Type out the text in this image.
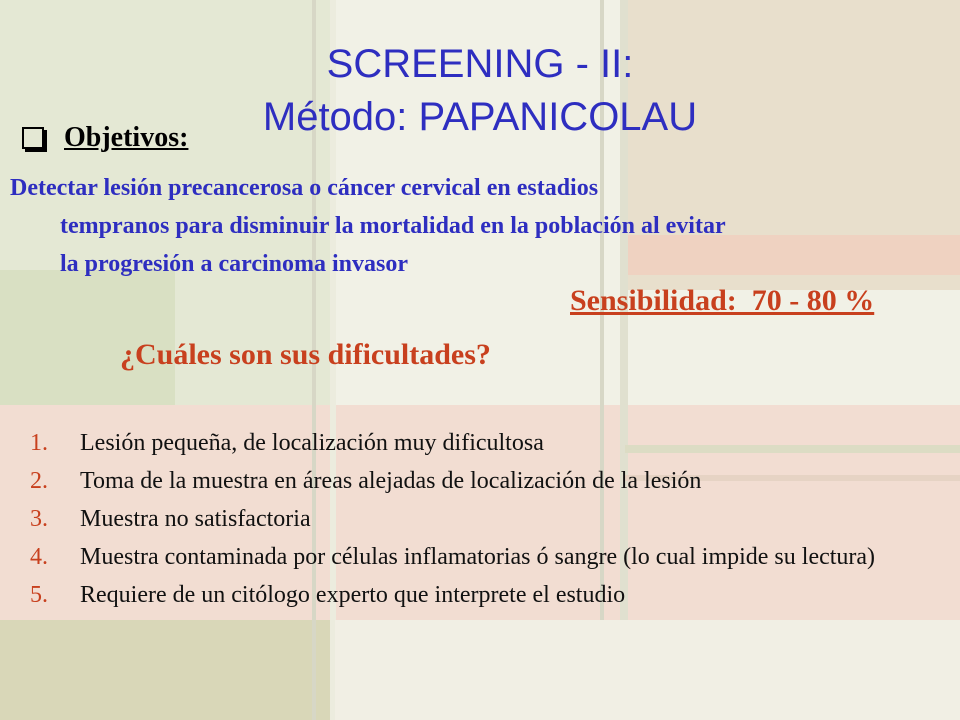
SCREENING - II:
Método: PAPANICOLAU
Objetivos:
Detectar lesión precancerosa o cáncer cervical en estadios
tempranos para disminuir la mortalidad en la población al evitar
la progresión a carcinoma invasor
Sensibilidad:  70 - 80 %
¿Cuáles son sus dificultades?
1.	Lesión pequeña, de localización muy dificultosa
2.	Toma de la muestra en áreas alejadas de localización de la lesión
3.	Muestra no satisfactoria
4.	Muestra contaminada por células inflamatorias ó sangre (lo cual impide su lectura)
5.	Requiere de un citólogo experto que interprete el estudio
